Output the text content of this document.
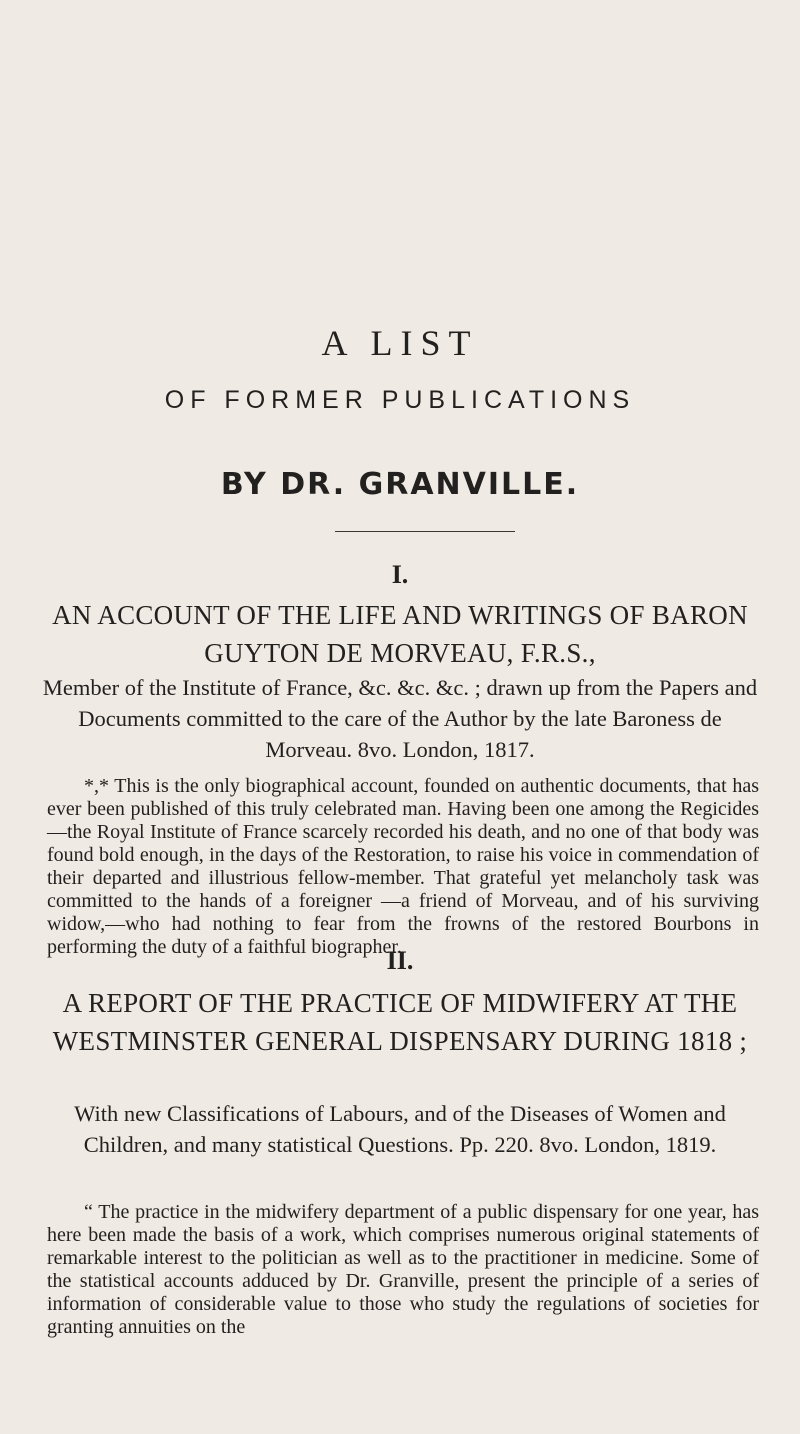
A LIST
OF FORMER PUBLICATIONS
BY DR. GRANVILLE.
I.
AN ACCOUNT OF THE LIFE AND WRITINGS OF BARON GUYTON DE MORVEAU, F.R.S.,
Member of the Institute of France, &c. &c. &c. ; drawn up from the Papers and Documents committed to the care of the Author by the late Baroness de Morveau. 8vo. London, 1817.
*,* This is the only biographical account, founded on authentic documents, that has ever been published of this truly celebrated man. Having been one among the Regicides—the Royal Institute of France scarcely recorded his death, and no one of that body was found bold enough, in the days of the Restoration, to raise his voice in commendation of their departed and illustrious fellow-member. That grateful yet melancholy task was committed to the hands of a foreigner —a friend of Morveau, and of his surviving widow,—who had nothing to fear from the frowns of the restored Bourbons in performing the duty of a faithful biographer.
II.
A REPORT OF THE PRACTICE OF MIDWIFERY AT THE WESTMINSTER GENERAL DISPENSARY DURING 1818 ;
With new Classifications of Labours, and of the Diseases of Women and Children, and many statistical Questions. Pp. 220. 8vo. London, 1819.
“ The practice in the midwifery department of a public dispensary for one year, has here been made the basis of a work, which comprises numerous original statements of remarkable interest to the politician as well as to the practitioner in medicine. Some of the statistical accounts adduced by Dr. Granville, present the principle of a series of information of considerable value to those who study the regulations of societies for granting annuities on the
